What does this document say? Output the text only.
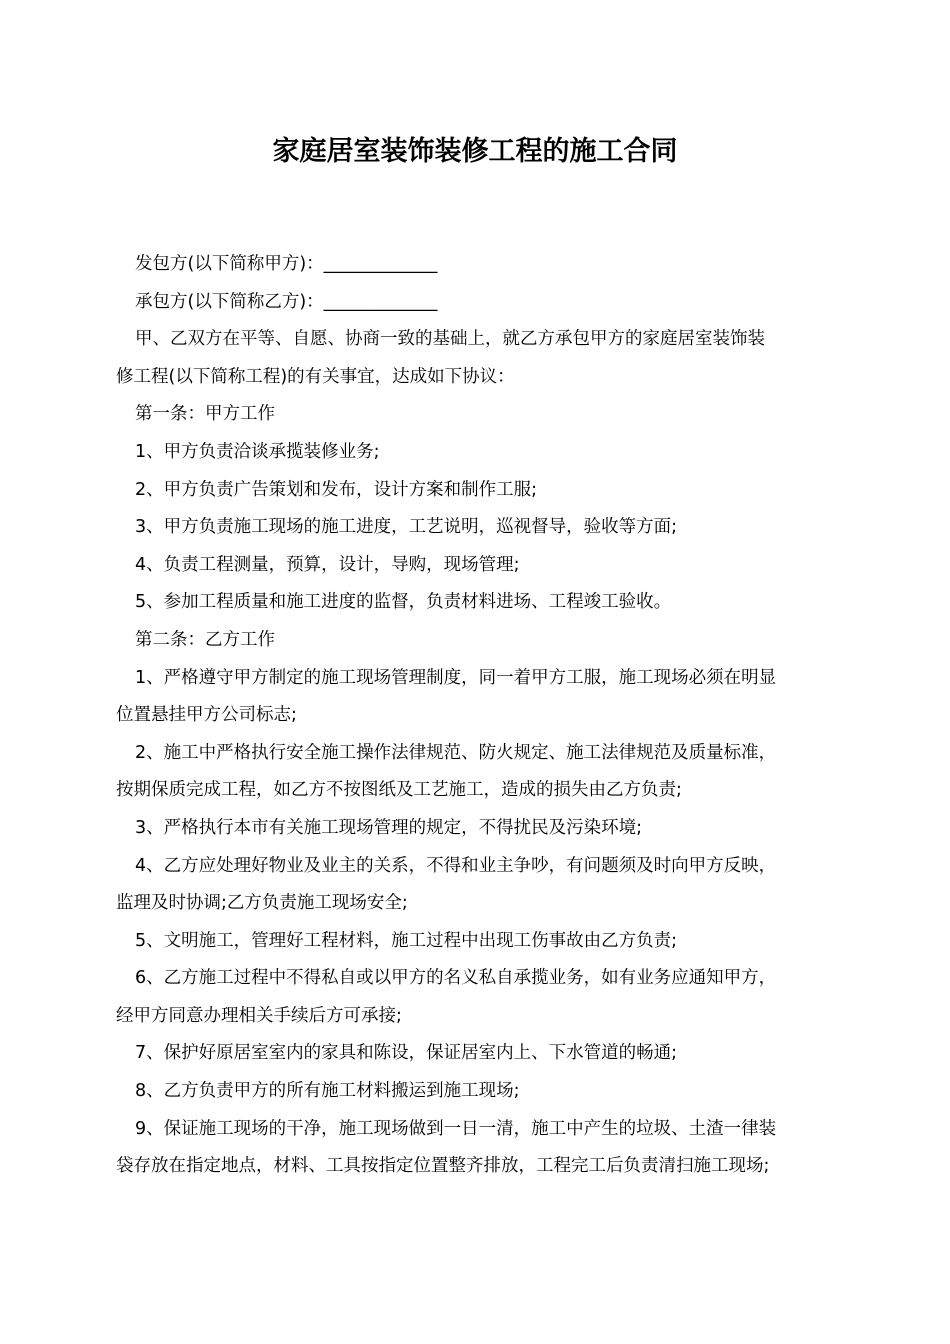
家庭居室装饰装修工程的施工合同
发包方(以下简称甲方)：_____________
承包方(以下简称乙方)：_____________
甲、乙双方在平等、自愿、协商一致的基础上，就乙方承包甲方的家庭居室装饰装
修工程(以下简称工程)的有关事宜，达成如下协议：
第一条：甲方工作
1、甲方负责洽谈承揽装修业务;
2、甲方负责广告策划和发布，设计方案和制作工服;
3、甲方负责施工现场的施工进度，工艺说明，巡视督导，验收等方面;
4、负责工程测量，预算，设计，导购，现场管理;
5、参加工程质量和施工进度的监督，负责材料进场、工程竣工验收。
第二条：乙方工作
1、严格遵守甲方制定的施工现场管理制度，同一着甲方工服，施工现场必须在明显
位置悬挂甲方公司标志;
2、施工中严格执行安全施工操作法律规范、防火规定、施工法律规范及质量标准，
按期保质完成工程，如乙方不按图纸及工艺施工，造成的损失由乙方负责;
3、严格执行本市有关施工现场管理的规定，不得扰民及污染环境;
4、乙方应处理好物业及业主的关系，不得和业主争吵，有问题须及时向甲方反映，
监理及时协调;乙方负责施工现场安全;
5、文明施工，管理好工程材料，施工过程中出现工伤事故由乙方负责;
6、乙方施工过程中不得私自或以甲方的名义私自承揽业务，如有业务应通知甲方，
经甲方同意办理相关手续后方可承接;
7、保护好原居室室内的家具和陈设，保证居室内上、下水管道的畅通;
8、乙方负责甲方的所有施工材料搬运到施工现场;
9、保证施工现场的干净，施工现场做到一日一清，施工中产生的垃圾、土渣一律装
袋存放在指定地点，材料、工具按指定位置整齐排放，工程完工后负责清扫施工现场;
